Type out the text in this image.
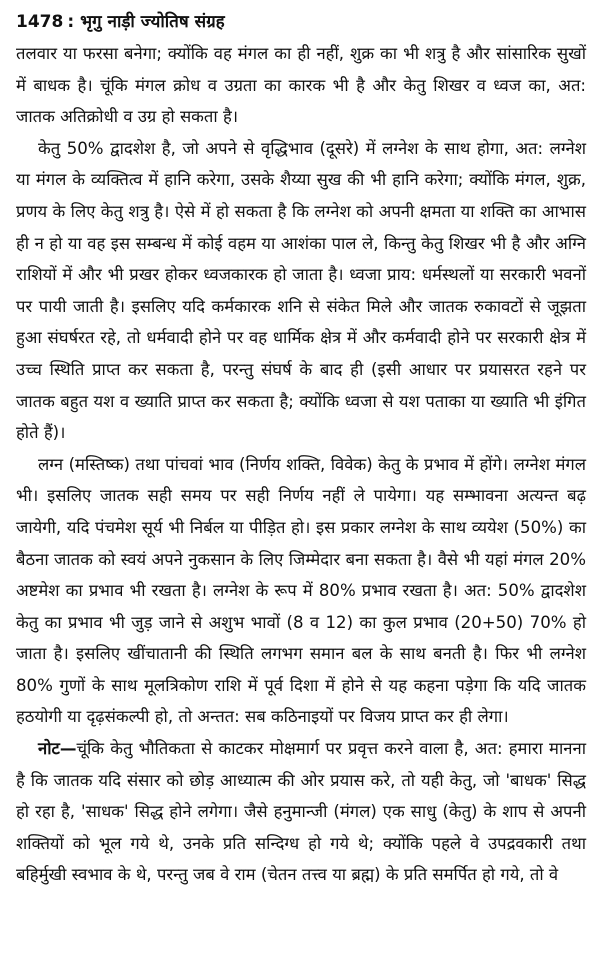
1478 : भृगु नाड़ी ज्योतिष संग्रह

तलवार या फरसा बनेगा; क्योंकि वह मंगल का ही नहीं, शुक्र का भी शत्रु है और सांसारिक सुखों में बाधक है। चूंकि मंगल क्रोध व उग्रता का कारक भी है और केतु शिखर व ध्वज का, अत: जातक अतिक्रोधी व उग्र हो सकता है।

केतु 50% द्वादशेश है, जो अपने से वृद्धिभाव (दूसरे) में लग्नेश के साथ होगा, अत: लग्नेश या मंगल के व्यक्तित्व में हानि करेगा, उसके शैय्या सुख की भी हानि करेगा; क्योंकि मंगल, शुक्र, प्रणय के लिए केतु शत्रु है। ऐसे में हो सकता है कि लग्नेश को अपनी क्षमता या शक्ति का आभास ही न हो या वह इस सम्बन्ध में कोई वहम या आशंका पाल ले, किन्तु केतु शिखर भी है और अग्नि राशियों में और भी प्रखर होकर ध्वजकारक हो जाता है। ध्वजा प्राय: धर्मस्थलों या सरकारी भवनों पर पायी जाती है। इसलिए यदि कर्मकारक शनि से संकेत मिले और जातक रुकावटों से जूझता हुआ संघर्षरत रहे, तो धर्मवादी होने पर वह धार्मिक क्षेत्र में और कर्मवादी होने पर सरकारी क्षेत्र में उच्च स्थिति प्राप्त कर सकता है, परन्तु संघर्ष के बाद ही (इसी आधार पर प्रयासरत रहने पर जातक बहुत यश व ख्याति प्राप्त कर सकता है; क्योंकि ध्वजा से यश पताका या ख्याति भी इंगित होते हैं)।

लग्न (मस्तिष्क) तथा पांचवां भाव (निर्णय शक्ति, विवेक) केतु के प्रभाव में होंगे। लग्नेश मंगल भी। इसलिए जातक सही समय पर सही निर्णय नहीं ले पायेगा। यह सम्भावना अत्यन्त बढ़ जायेगी, यदि पंचमेश सूर्य भी निर्बल या पीड़ित हो। इस प्रकार लग्नेश के साथ व्ययेश (50%) का बैठना जातक को स्वयं अपने नुकसान के लिए जिम्मेदार बना सकता है। वैसे भी यहां मंगल 20% अष्टमेश का प्रभाव भी रखता है। लग्नेश के रूप में 80% प्रभाव रखता है। अत: 50% द्वादशेश केतु का प्रभाव भी जुड़ जाने से अशुभ भावों (8 व 12) का कुल प्रभाव (20+50) 70% हो जाता है। इसलिए खींचातानी की स्थिति लगभग समान बल के साथ बनती है। फिर भी लग्नेश 80% गुणों के साथ मूलत्रिकोण राशि में पूर्व दिशा में होने से यह कहना पड़ेगा कि यदि जातक हठयोगी या दृढ़संकल्पी हो, तो अन्तत: सब कठिनाइयों पर विजय प्राप्त कर ही लेगा।

नोट—चूंकि केतु भौतिकता से काटकर मोक्षमार्ग पर प्रवृत्त करने वाला है, अत: हमारा मानना है कि जातक यदि संसार को छोड़ आध्यात्म की ओर प्रयास करे, तो यही केतु, जो 'बाधक' सिद्ध हो रहा है, 'साधक' सिद्ध होने लगेगा। जैसे हनुमान्जी (मंगल) एक साधु (केतु) के शाप से अपनी शक्तियों को भूल गये थे, उनके प्रति सन्दिग्ध हो गये थे; क्योंकि पहले वे उपद्रवकारी तथा बहिर्मुखी स्वभाव के थे, परन्तु जब वे राम (चेतन तत्त्व या ब्रह्म) के प्रति समर्पित हो गये, तो वे
